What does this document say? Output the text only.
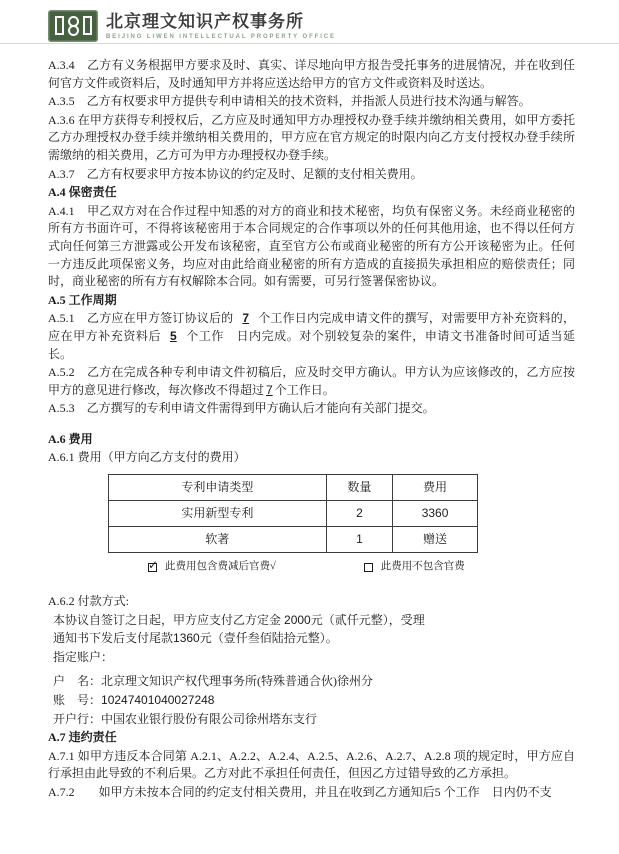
北京理文知识产权事务所
BEIJING LIWEN INTELLECTUAL PROPERTY OFFICE

A.3.4　乙方有义务根据甲方要求及时、真实、详尽地向甲方报告受托事务的进展情况，并在收到任何官方文件或资料后，及时通知甲方并将应送达给甲方的官方文件或资料及时送达。

A.3.5　乙方有权要求甲方提供专利申请相关的技术资料，并指派人员进行技术沟通与解答。

A.3.6 在甲方获得专利授权后，乙方应及时通知甲方办理授权办登手续并缴纳相关费用，如甲方委托乙方办理授权办登手续并缴纳相关费用的，甲方应在官方规定的时限内向乙方支付授权办登手续所需缴纳的相关费用，乙方可为甲方办理授权办登手续。

A.3.7　乙方有权要求甲方按本协议的约定及时、足额的支付相关费用。

A.4 保密责任

A.4.1　甲乙双方对在合作过程中知悉的对方的商业和技术秘密，均负有保密义务。未经商业秘密的所有方书面许可，不得将该秘密用于本合同规定的合作事项以外的任何其他用途，也不得以任何方式向任何第三方泄露或公开发布该秘密，直至官方公布或商业秘密的所有方公开该秘密为止。任何一方违反此项保密义务，均应对由此给商业秘密的所有方造成的直接损失承担相应的赔偿责任；同时，商业秘密的所有方有权解除本合同。如有需要，可另行签署保密协议。

A.5 工作周期

A.5.1　乙方应在甲方签订协议后的 7 个工作日内完成申请文件的撰写，对需要甲方补充资料的，应在甲方补充资料后 5 个工作　日内完成。对个别较复杂的案件，申请文书准备时间可适当延长。

A.5.2　乙方在完成各种专利申请文件初稿后，应及时交甲方确认。甲方认为应该修改的，乙方应按甲方的意见进行修改，每次修改不得超过 7 个工作日。

A.5.3　乙方撰写的专利申请文件需得到甲方确认后才能向有关部门提交。

A.6 费用

A.6.1 费用（甲方向乙方支付的费用）

专利申请类型	数量	费用
实用新型专利	2	3360
软著	1	赠送
✓ 此费用包含费减后官费√	此费用不包含官费

A.6.2 付款方式:

本协议自签订之日起，甲方应支付乙方定金 2000元（贰仟元整），受理

通知书下发后支付尾款1360元（壹仟叁佰陆拾元整）。

指定账户：

户　名：北京理文知识产权代理事务所(特殊普通合伙)徐州分

账　号：10247401040027248

开户行：中国农业银行股份有限公司徐州塔东支行

A.7 违约责任

A.7.1 如甲方违反本合同第 A.2.1、A.2.2、A.2.4、A.2.5、A.2.6、A.2.7、A.2.8 项的规定时，甲方应自行承担由此导致的不利后果。乙方对此不承担任何责任，但因乙方过错导致的乙方承担。

A.7.2　　如甲方未按本合同的约定支付相关费用，并且在收到乙方通知后5 个工作　日内仍不支
